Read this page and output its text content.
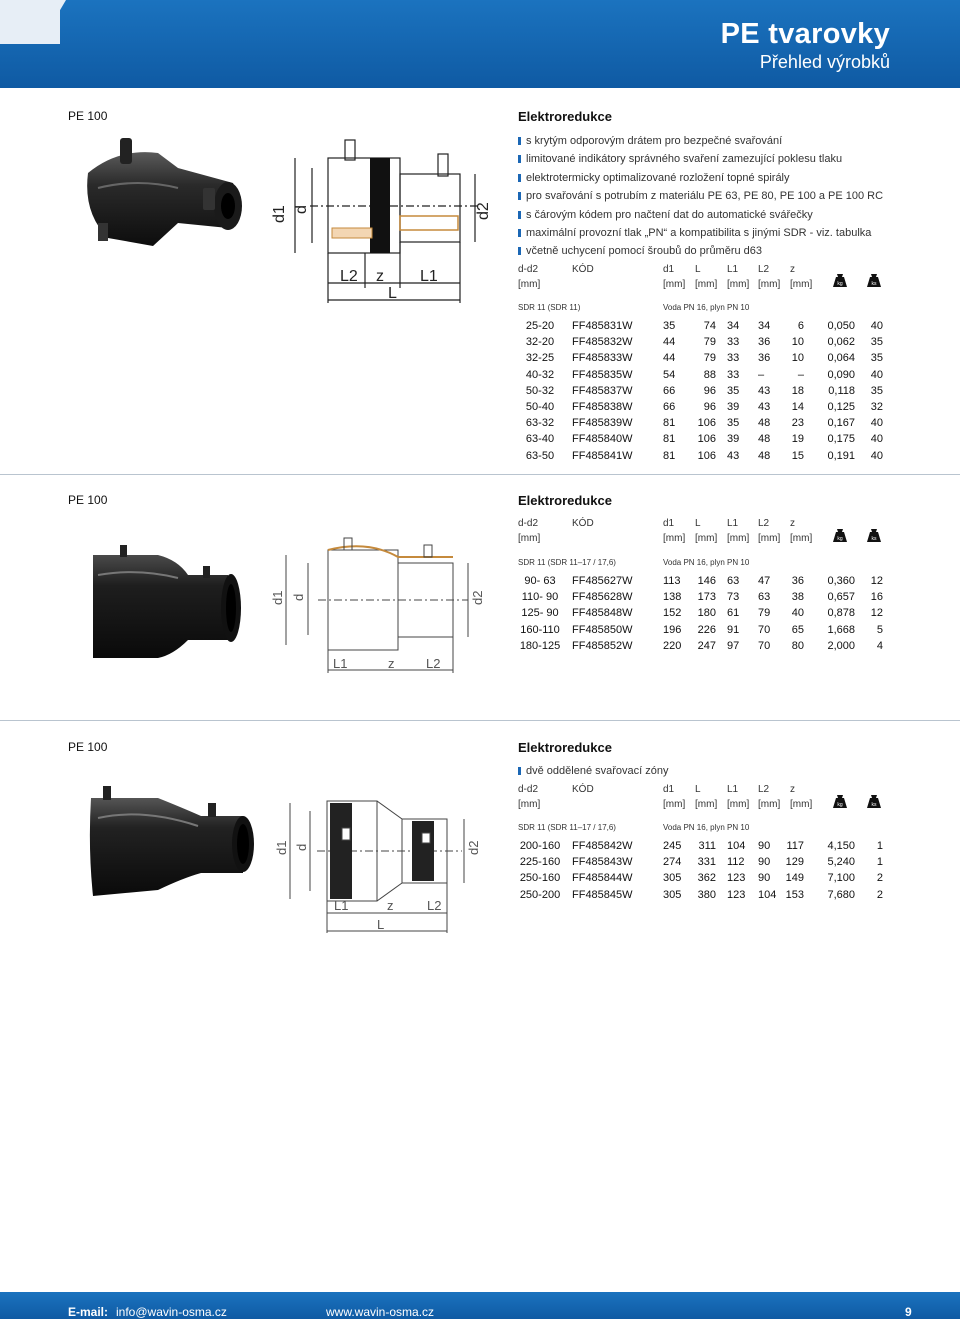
PE tvarovky
Přehled výrobků
PE 100	Elektroredukce
d1 d	d2
L2 z L1
L
s krytým odporovým drátem pro bezpečné svařování
limitované indikátory správného svaření zamezující poklesu tlaku
elektrotermicky optimalizované rozložení topné spirály
pro svařování s potrubím z materiálu PE 63, PE 80, PE 100 a PE 100 RC
s čárovým kódem pro načtení dat do automatické svářečky
maximální provozní tlak „PN“ a kompatibilita s jinými SDR - viz. tabulka
včetně uchycení pomocí šroubů do průměru d63
d-d2	KÓD	d1 L	L1 L2 z
[mm]	[mm] [mm] [mm] [mm] [mm]	kg	ks
SDR 11 (SDR 11)	Voda PN 16, plyn PN 10
25-20	FF485831W	35	74 34 34	6	0,050	40
32-20	FF485832W	44	79 33 36	10	0,062	35
32-25	FF485833W	44	79 33 36	10	0,064	35
40-32	FF485835W	54	88 33 –	–	0,090	40
50-32	FF485837W	66	96 35 43	18	0,118	35
50-40	FF485838W	66	96 39 43	14	0,125	32
63-32	FF485839W	81	106 35 48	23	0,167	40
63-40	FF485840W	81	106 39 48	19	0,175	40
63-50	FF485841W	81	106 43 48	15	0,191	40
PE 100	Elektroredukce
d1 d	d2
L1	z L2
d-d2	KÓD	d1 L	L1 L2 z
[mm]	[mm] [mm] [mm] [mm] [mm]	kg	ks
SDR 11 (SDR 11–17 / 17,6)	Voda PN 16, plyn PN 10
90- 63	FF485627W	113	146 63 47	36	0,360	12
110- 90	FF485628W	138	173 73 63	38	0,657	16
125- 90	FF485848W	152	180 61 79	40	0,878	12
160-110 FF485850W	196	226 91 70	65	1,668	5
180-125 FF485852W	220	247 97 70	80	2,000	4
PE 100	Elektroredukce
d1 d	d2
L1	z	L2
L
dvě oddělené svařovací zóny
d-d2	KÓD	d1 L	L1 L2 z
[mm]	[mm] [mm] [mm] [mm] [mm]	kg	ks
SDR 11 (SDR 11–17 / 17,6)	Voda PN 16, plyn PN 10
200-160 FF485842W	245	311 104 90	117	4,150	1
225-160 FF485843W	274	331 112 90	129	5,240	1
250-160 FF485844W	305	362 123 90	149	7,100	2
250-200 FF485845W	305	380 123 104 153	7,680	2
E-mail: info@wavin-osma.cz	www.wavin-osma.cz	9
